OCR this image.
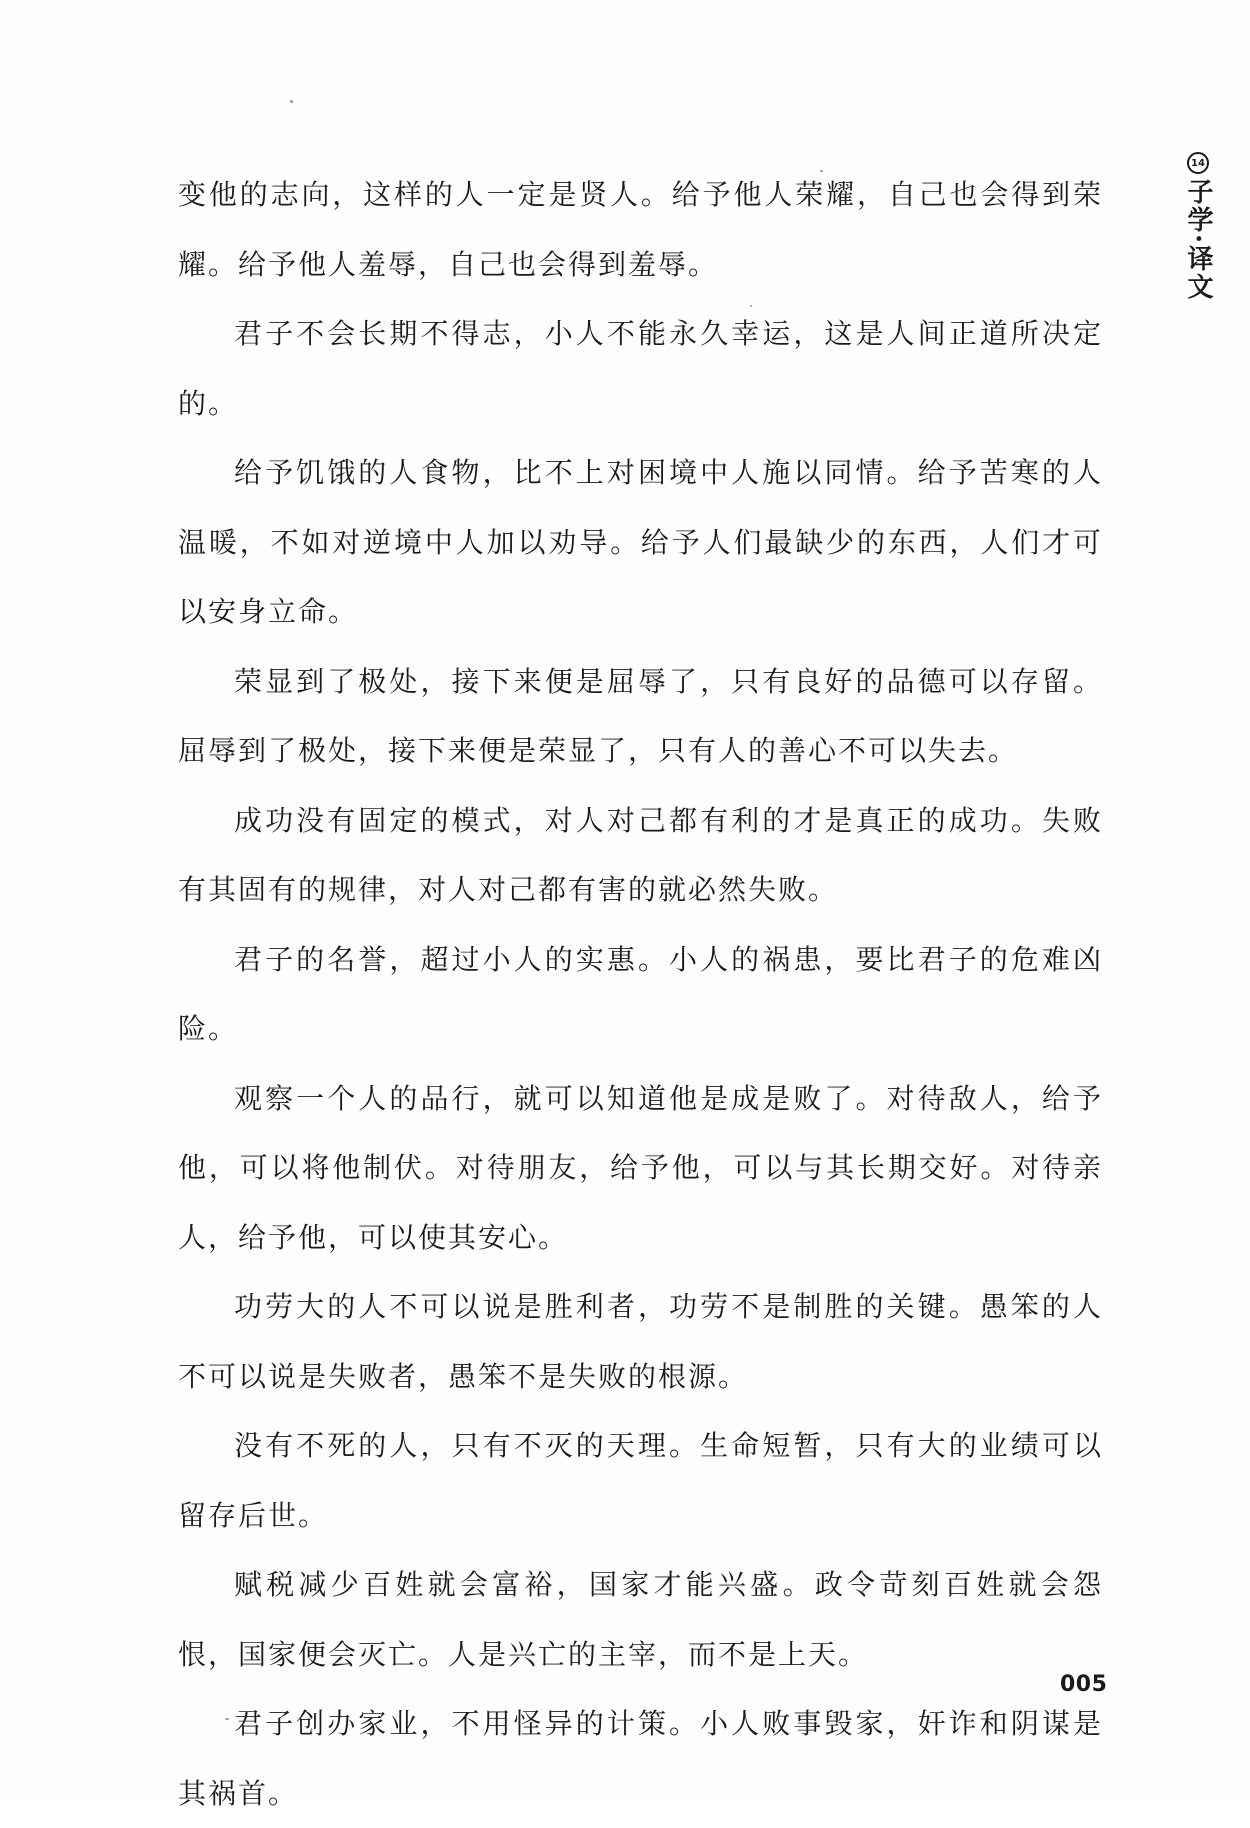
14
子学·译文

变他的志向，这样的人一定是贤人。给予他人荣耀，自己也会得到荣耀。给予他人羞辱，自己也会得到羞辱。

君子不会长期不得志，小人不能永久幸运，这是人间正道所决定的。

给予饥饿的人食物，比不上对困境中人施以同情。给予苦寒的人温暖，不如对逆境中人加以劝导。给予人们最缺少的东西，人们才可以安身立命。

荣显到了极处，接下来便是屈辱了，只有良好的品德可以存留。屈辱到了极处，接下来便是荣显了，只有人的善心不可以失去。

成功没有固定的模式，对人对己都有利的才是真正的成功。失败有其固有的规律，对人对己都有害的就必然失败。

君子的名誉，超过小人的实惠。小人的祸患，要比君子的危难凶险。

观察一个人的品行，就可以知道他是成是败了。对待敌人，给予他，可以将他制伏。对待朋友，给予他，可以与其长期交好。对待亲人，给予他，可以使其安心。

功劳大的人不可以说是胜利者，功劳不是制胜的关键。愚笨的人不可以说是失败者，愚笨不是失败的根源。

没有不死的人，只有不灭的天理。生命短暂，只有大的业绩可以留存后世。

赋税减少百姓就会富裕，国家才能兴盛。政令苛刻百姓就会怨恨，国家便会灭亡。人是兴亡的主宰，而不是上天。

君子创办家业，不用怪异的计策。小人败事毁家，奸诈和阴谋是其祸首。

005
